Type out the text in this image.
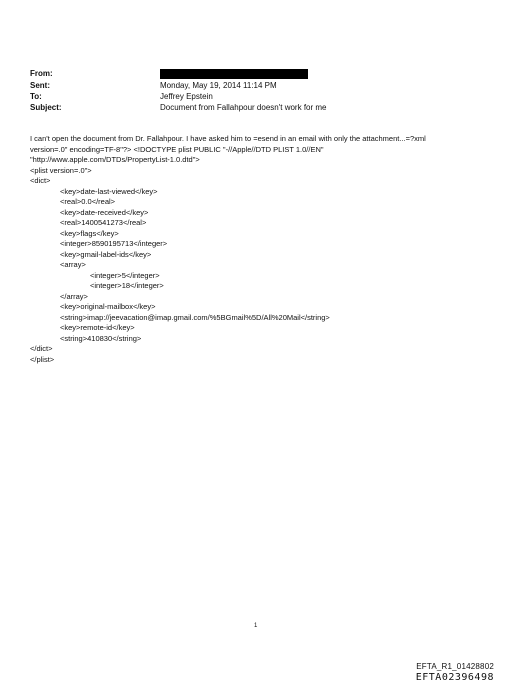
From:
Sent:	Monday, May 19, 2014 11:14 PM
To:	Jeffrey Epstein
Subject:	Document from Fallahpour doesn't work for me
I can't open the document from Dr. Fallahpour. I have asked him to =esend in an email with only the attachment...=?xml
version=.0" encoding=TF-8"?> <!DOCTYPE plist PUBLIC "-//Apple//DTD PLIST 1.0//EN"
"http://www.apple.com/DTDs/PropertyList-1.0.dtd">
<plist version=.0">
<dict>
<key>date-last-viewed</key>
<real>0.0</real>
<key>date-received</key>
<real>1400541273</real>
<key>flags</key>
<integer>8590195713</integer>
<key>gmail-label-ids</key>
<array>
<integer>5</integer>
<integer>18</integer>
</array>
<key>original-mailbox</key>
<string>imap://jeevacation@imap.gmail.com/%5BGmail%5D/All%20Mail</string>
<key>remote-id</key>
<string>410830</string>
</dict>
</plist>
1
EFTA_R1_01428802
EFTA02396498
